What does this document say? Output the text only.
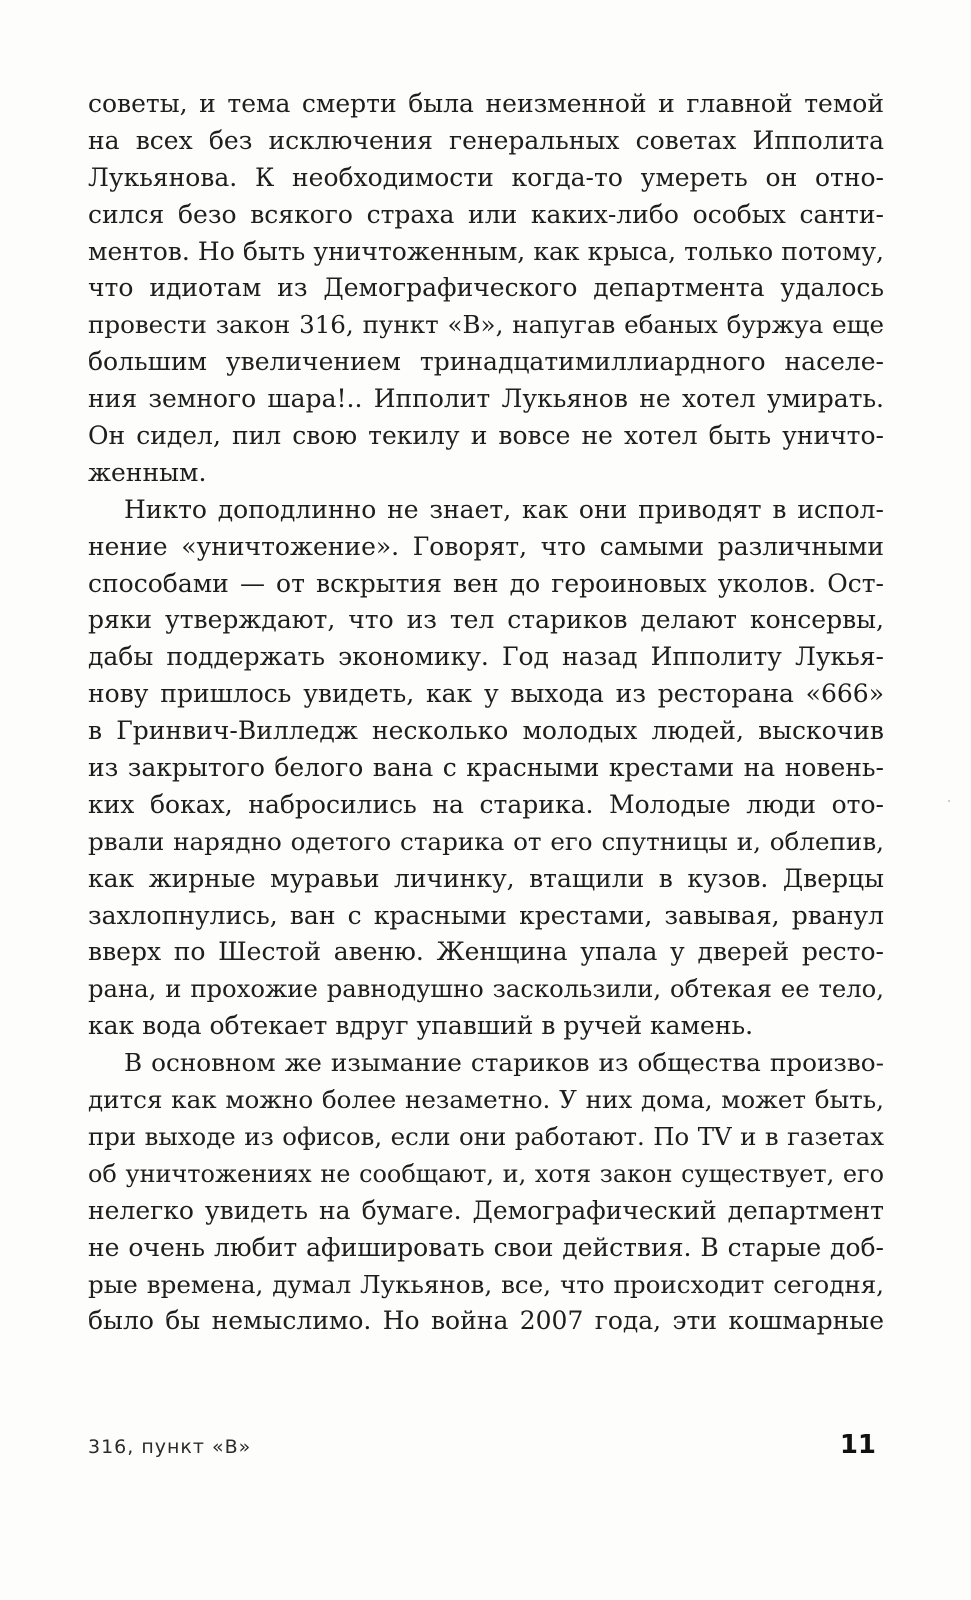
советы, и тема смерти была неизменной и главной темой
на всех без исключения генеральных советах Ипполита
Лукьянова. К необходимости когда-то умереть он отно-
сился безо всякого страха или каких-либо особых санти-
ментов. Но быть уничтоженным, как крыса, только потому,
что идиотам из Демографического департмента удалось
провести закон 316, пункт «В», напугав ебаных буржуа еще
большим увеличением тринадцатимиллиардного населе-
ния земного шара!.. Ипполит Лукьянов не хотел умирать.
Он сидел, пил свою текилу и вовсе не хотел быть уничто-
женным.
Никто доподлинно не знает, как они приводят в испол-
нение «уничтожение». Говорят, что самыми различными
способами — от вскрытия вен до героиновых уколов. Ост-
ряки утверждают, что из тел стариков делают консервы,
дабы поддержать экономику. Год назад Ипполиту Лукья-
нову пришлось увидеть, как у выхода из ресторана «666»
в Гринвич-Вилледж несколько молодых людей, выскочив
из закрытого белого вана с красными крестами на новень-
ких боках, набросились на старика. Молодые люди ото-
рвали нарядно одетого старика от его спутницы и, облепив,
как жирные муравьи личинку, втащили в кузов. Дверцы
захлопнулись, ван с красными крестами, завывая, рванул
вверх по Шестой авеню. Женщина упала у дверей ресто-
рана, и прохожие равнодушно заскользили, обтекая ее тело,
как вода обтекает вдруг упавший в ручей камень.
В основном же изымание стариков из общества произво-
дится как можно более незаметно. У них дома, может быть,
при выходе из офисов, если они работают. По TV и в газетах
об уничтожениях не сообщают, и, хотя закон существует, его
нелегко увидеть на бумаге. Демографический департмент
не очень любит афишировать свои действия. В старые доб-
рые времена, думал Лукьянов, все, что происходит сегодня,
было бы немыслимо. Но война 2007 года, эти кошмарные
316, пункт «В»	11
